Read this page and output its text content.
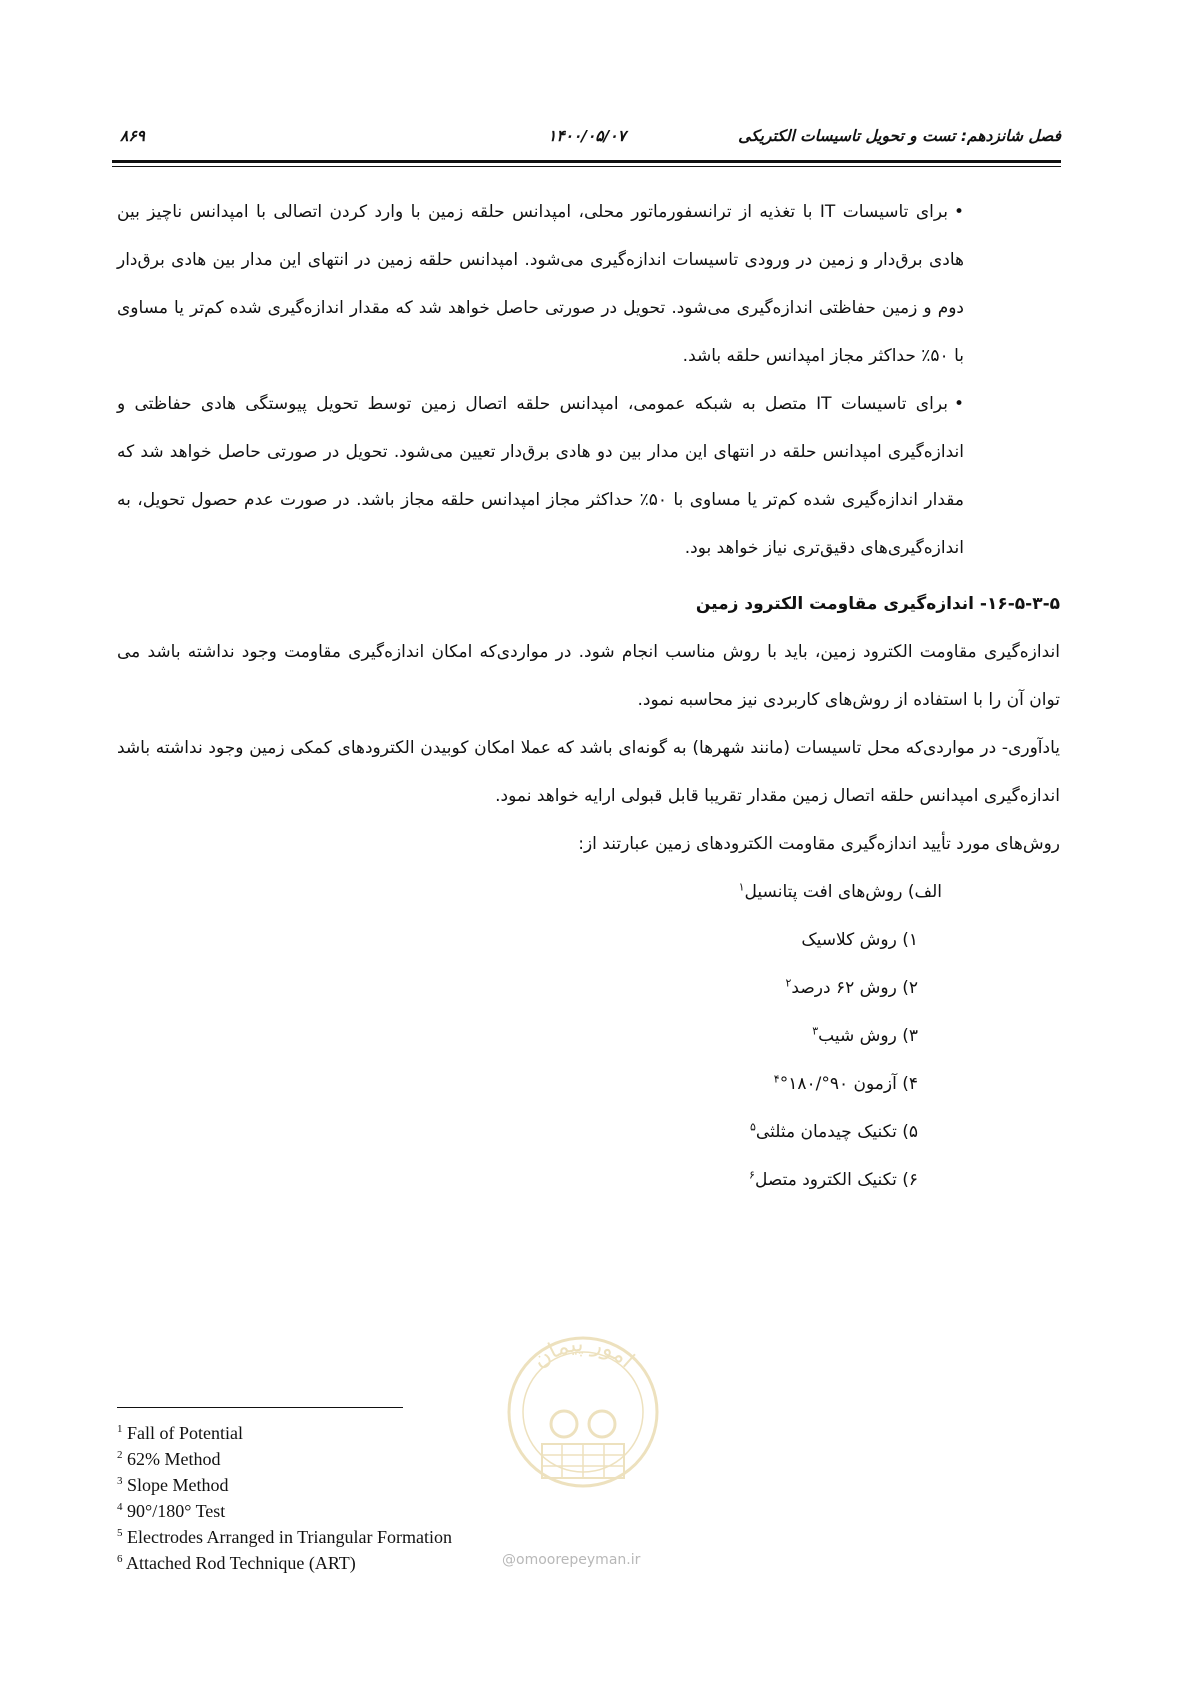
فصل شانزدهم: تست و تحویل تاسیسات الکتریکی
۱۴۰۰/۰۵/۰۷
۸۶۹

•برای تاسیسات IT با تغذیه از ترانسفورماتور محلی، امپدانس حلقه زمین با وارد کردن اتصالی با امپدانس ناچیز بین هادی برق‌دار و زمین در ورودی تاسیسات اندازه‌گیری می‌شود. امپدانس حلقه زمین در انتهای این مدار بین هادی برق‌دار دوم و زمین حفاظتی اندازه‌گیری می‌شود. تحویل در صورتی حاصل خواهد شد که مقدار اندازه‌گیری شده کم‌تر یا مساوی با ۵۰٪ حداکثر مجاز امپدانس حلقه باشد.

•برای تاسیسات IT متصل به شبکه عمومی، امپدانس حلقه اتصال زمین توسط تحویل پیوستگی هادی حفاظتی و اندازه‌گیری امپدانس حلقه در انتهای این مدار بین دو هادی برق‌دار تعیین می‌شود. تحویل در صورتی حاصل خواهد شد که مقدار اندازه‌گیری شده کم‌تر یا مساوی با ۵۰٪ حداکثر مجاز امپدانس حلقه مجاز باشد. در صورت عدم حصول تحویل، به اندازه‌گیری‌های دقیق‌تری نیاز خواهد بود.

۱۶-۵-۳-۵- اندازه‌گیری مقاومت الکترود زمین

اندازه‌گیری مقاومت الکترود زمین، باید با روش مناسب انجام شود. در مواردی‌که امکان اندازه‌گیری مقاومت وجود نداشته باشد می توان آن را با استفاده از روش‌های کاربردی نیز محاسبه نمود.

یادآوری- در مواردی‌که محل تاسیسات (مانند شهرها) به گونه‌ای باشد که عملا امکان کوبیدن الکترودهای کمکی زمین وجود نداشته باشد اندازه‌گیری امپدانس حلقه اتصال زمین مقدار تقریبا قابل قبولی ارایه خواهد نمود.

روش‌های مورد تأیید اندازه‌گیری مقاومت الکترودهای زمین عبارتند از:

الف) روش‌های افت پتانسیل$^۱$

۱) روش کلاسیک

۲) روش ۶۲ درصد$^۲$

۳) روش شیب$^۳$

۴) آزمون ۹۰°/۱۸۰°$^۴$

۵) تکنیک چیدمان مثلثی$^۵$

۶) تکنیک الکترود متصل$^۶$

امور پیمان
@omoorepeyman.ir
$^1$ Fall of Potential
$^2$ 62% Method
$^3$ Slope Method
$^4$ 90°/180° Test
$^5$ Electrodes Arranged in Triangular Formation
$^6$ Attached Rod Technique (ART)
